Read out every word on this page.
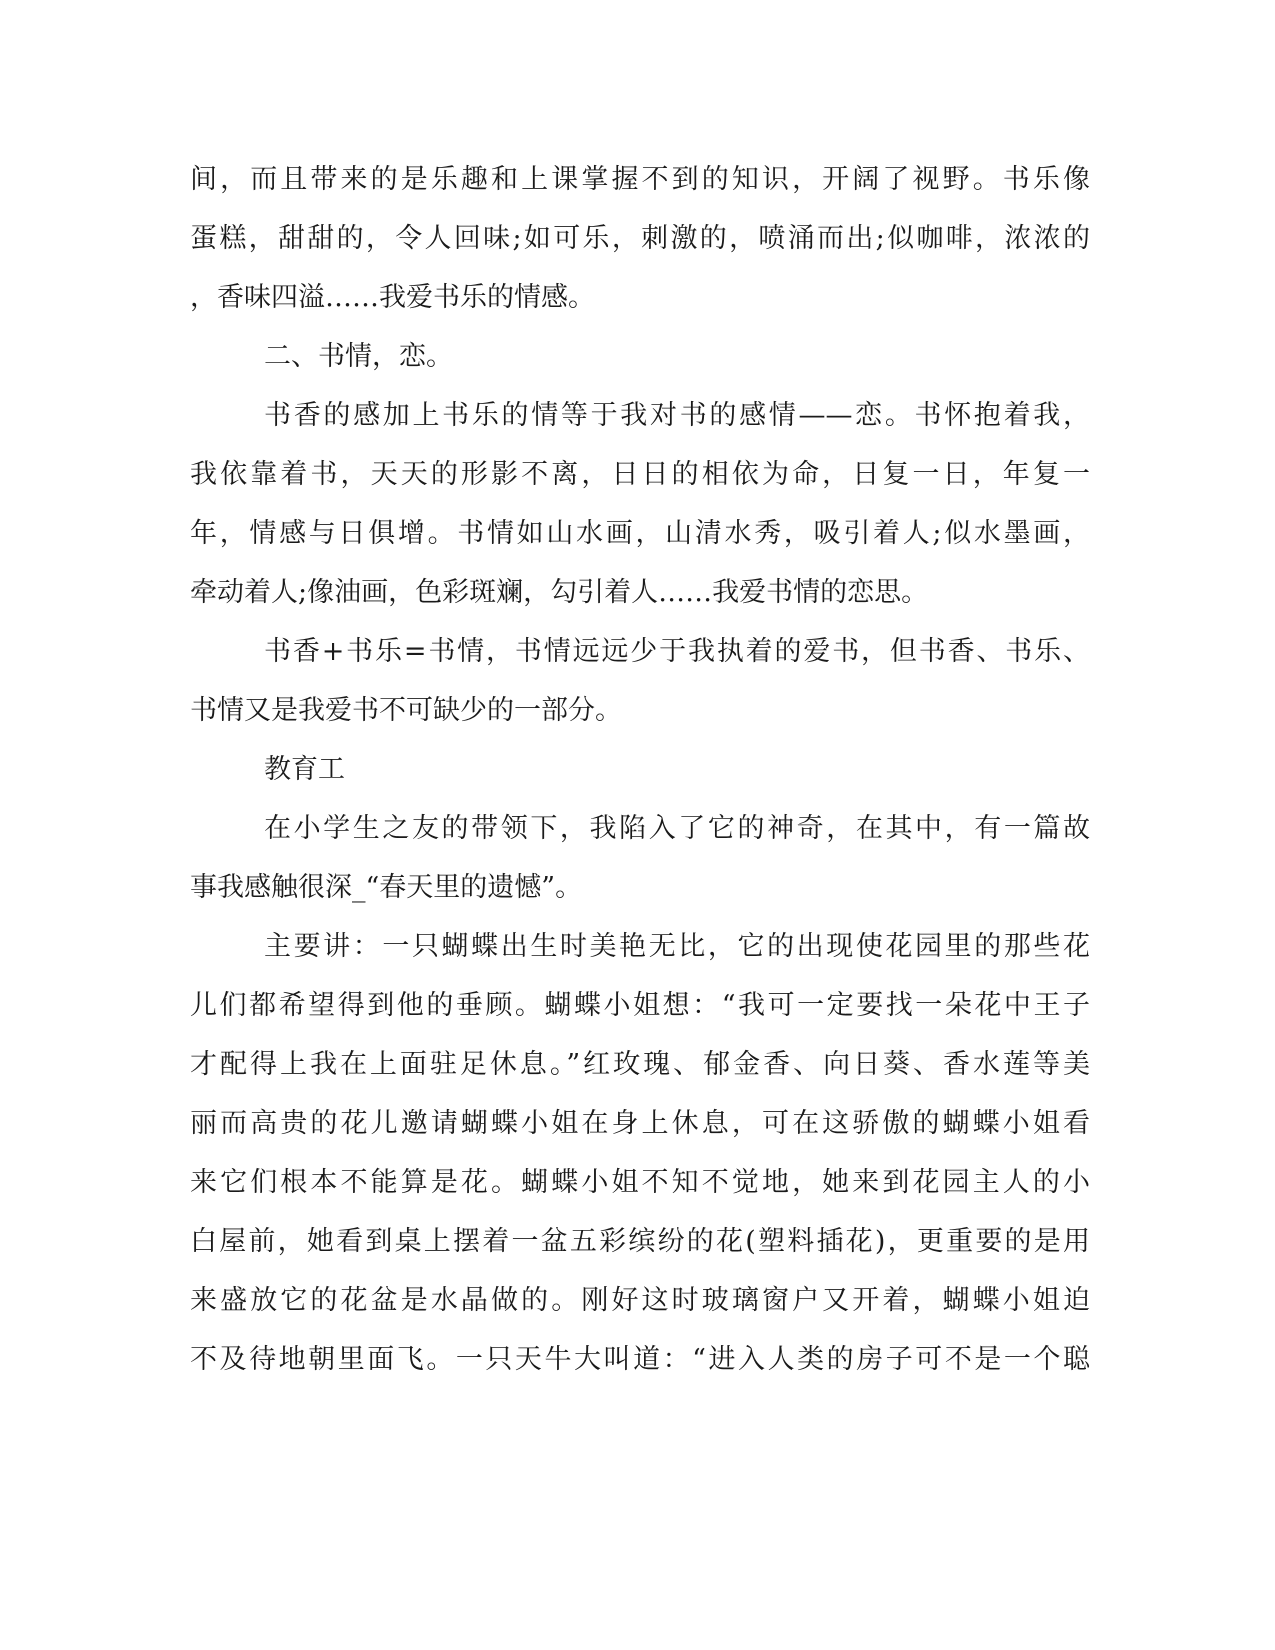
间，而且带来的是乐趣和上课掌握不到的知识，开阔了视野。书乐像

蛋糕，甜甜的，令人回味;如可乐，刺激的，喷涌而出;似咖啡，浓浓的

，香味四溢……我爱书乐的情感。

二、书情，恋。

书香的感加上书乐的情等于我对书的感情——恋。书怀抱着我，

我依靠着书，天天的形影不离，日日的相依为命，日复一日，年复一

年，情感与日俱增。书情如山水画，山清水秀，吸引着人;似水墨画，

牵动着人;像油画，色彩斑斓，勾引着人……我爱书情的恋思。

书香+书乐=书情，书情远远少于我执着的爱书，但书香、书乐、

书情又是我爱书不可缺少的一部分。

教育工

在小学生之友的带领下，我陷入了它的神奇，在其中，有一篇故

事我感触很深_“春天里的遗憾”。

主要讲：一只蝴蝶出生时美艳无比，它的出现使花园里的那些花

儿们都希望得到他的垂顾。蝴蝶小姐想：“我可一定要找一朵花中王子

才配得上我在上面驻足休息。”红玫瑰、郁金香、向日葵、香水莲等美

丽而高贵的花儿邀请蝴蝶小姐在身上休息，可在这骄傲的蝴蝶小姐看

来它们根本不能算是花。蝴蝶小姐不知不觉地，她来到花园主人的小

白屋前，她看到桌上摆着一盆五彩缤纷的花(塑料插花)，更重要的是用

来盛放它的花盆是水晶做的。刚好这时玻璃窗户又开着，蝴蝶小姐迫

不及待地朝里面飞。一只天牛大叫道：“进入人类的房子可不是一个聪
